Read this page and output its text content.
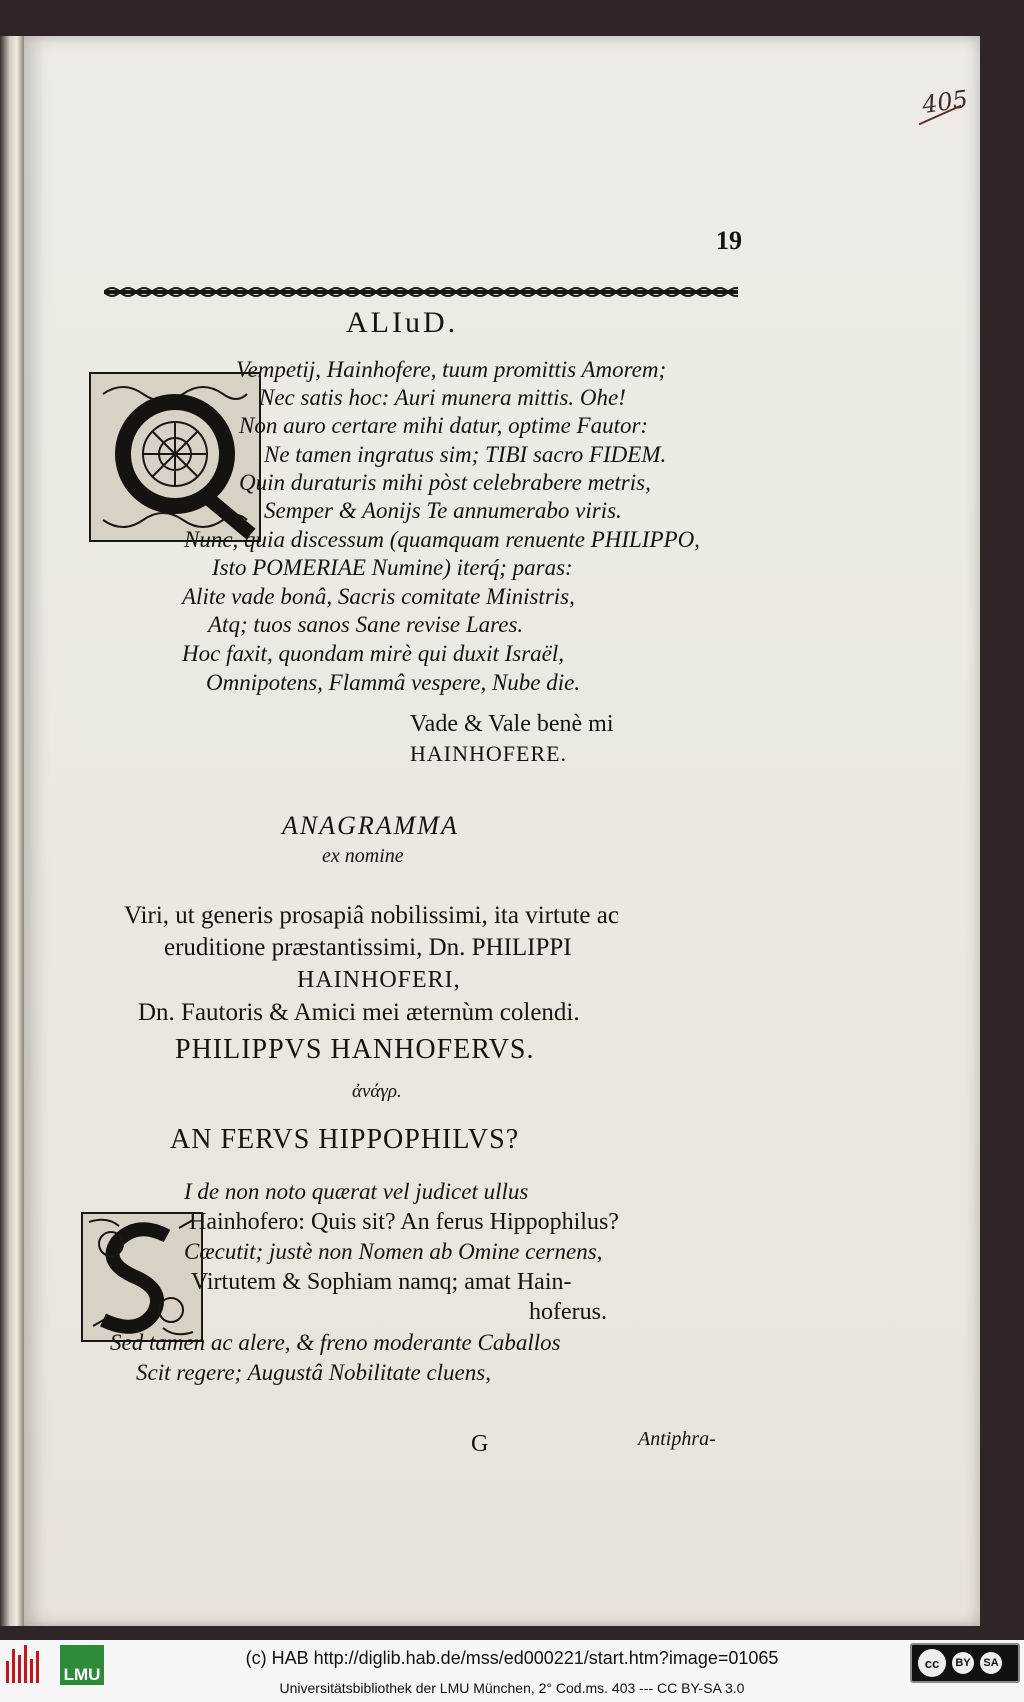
405
19
ALIuD.
Vempetij, Hainhofere, tuum promittis Amorem;
Nec satis hoc: Auri munera mittis. Ohe!
Non auro certare mihi datur, optime Fautor:
Ne tamen ingratus sim; TIBI sacro FIDEM.
Quin duraturis mihi pòst celebrabere metris,
Semper & Aonijs Te annumerabo viris.
Nunc, quia discessum (quamquam renuente PHILIPPO,
Isto POMERIAE Numine) iterq́; paras:
Alite vade bonâ, Sacris comitate Ministris,
Atq; tuos sanos Sane revise Lares.
Hoc faxit, quondam mirè qui duxit Israël,
Omnipotens, Flammâ vespere, Nube die.
Vade & Vale benè mi
HAINHOFERE.
ANAGRAMMA
ex nomine
Viri, ut generis prosapiâ nobilissimi, ita virtute ac
eruditione præstantissimi, Dn. PHILIPPI
HAINHOFERI,
Dn. Fautoris & Amici mei æternùm colendi.
PHILIPPVS HANHOFERVS.
ἀνάγρ.
AN FERVS HIPPOPHILVS?
I de non noto quærat vel judicet ullus
Hainhofero: Quis sit? An ferus Hippophilus?
Cæcutit; justè non Nomen ab Omine cernens,
Virtutem & Sophiam namq; amat Hain-
hoferus.
Sed tamen ac alere, & freno moderante Caballos
Scit regere; Augustâ Nobilitate cluens,
G	Antiphra-
LMU
(c) HAB http://diglib.hab.de/mss/ed000221/start.htm?image=01065
Universitätsbibliothek der LMU München, 2° Cod.ms. 403 --- CC BY-SA 3.0
cc	BY	SA
